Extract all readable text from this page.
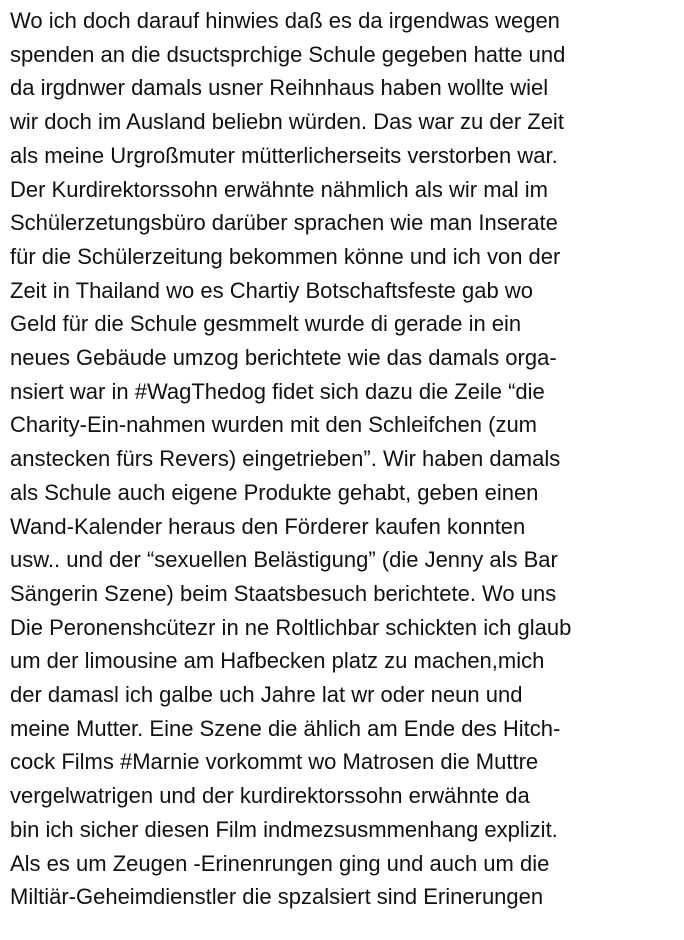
Wo ich doch darauf hinwies daß es da irgendwas wegen
spenden an die dsuctsprchige Schule gegeben hatte und
da irgdnwer damals usner Reihnhaus haben wollte wiel
wir doch im Ausland beliebn würden. Das war zu der Zeit
als meine Urgroßmuter mütterlicherseits verstorben war.
Der Kurdirektorssohn erwähnte nähmlich als wir mal im
Schülerzetungsbüro darüber sprachen wie man Inserate
für die Schülerzeitung bekommen könne und ich von der
Zeit in Thailand wo es Chartiy Botschaftsfeste gab wo
Geld für die Schule gesmmelt wurde di gerade in ein
neues Gebäude umzog berichtete wie das damals orga-
nsiert war in #WagThedog fidet sich dazu die Zeile “die
Charity-Ein-nahmen wurden mit den Schleifchen (zum
anstecken fürs Revers) eingetrieben”. Wir haben damals
als Schule auch eigene Produkte gehabt, geben einen
Wand-Kalender heraus den Förderer kaufen konnten
usw.. und der “sexuellen Belästigung” (die Jenny als Bar
Sängerin Szene) beim Staatsbesuch berichtete. Wo uns
Die Peronenshcütezr in ne Roltlichbar schickten ich glaub
um der limousine am Hafbecken platz zu machen,mich
der damasl ich galbe uch Jahre lat wr oder neun und
meine Mutter. Eine Szene die ählich am Ende des Hitch-
cock Films #Marnie vorkommt wo Matrosen die Muttre
vergelwatrigen und der kurdirektorssohn erwähnte da
bin ich sicher diesen Film indmezsusmmenhang explizit.
Als es um Zeugen -Erinenrungen ging und auch um die
Miltiär-Geheimdienstler die spzalsiert sind Erinerungen
